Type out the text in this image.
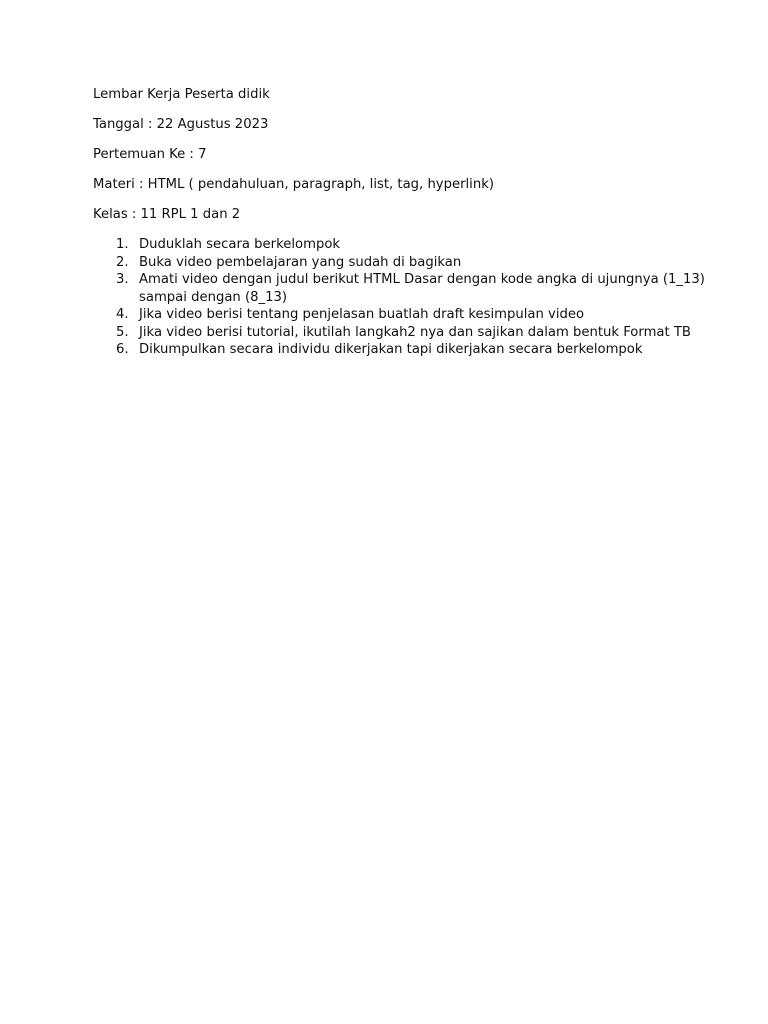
Lembar Kerja Peserta didik

Tanggal : 22 Agustus 2023

Pertemuan Ke : 7

Materi : HTML ( pendahuluan, paragraph, list, tag, hyperlink)

Kelas : 11 RPL 1 dan 2

1. Duduklah secara berkelompok
2. Buka video pembelajaran yang sudah di bagikan
3. Amati video dengan judul berikut HTML Dasar dengan kode angka di ujungnya (1_13) sampai dengan (8_13)
4. Jika video berisi tentang penjelasan buatlah draft kesimpulan video
5. Jika video berisi tutorial, ikutilah langkah2 nya dan sajikan dalam bentuk Format TB
6. Dikumpulkan secara individu dikerjakan tapi dikerjakan secara berkelompok
